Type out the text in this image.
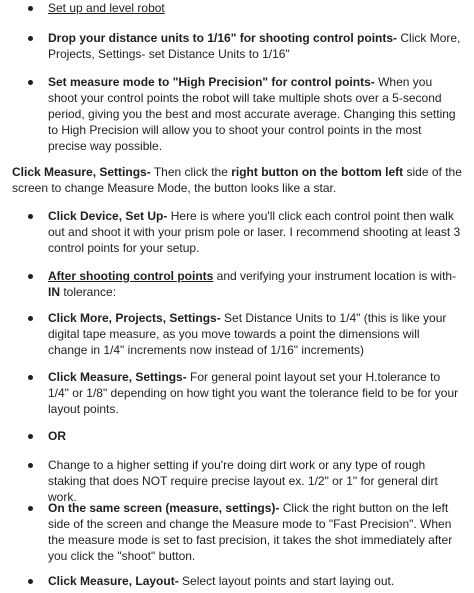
Set up and level robot
Drop your distance units to 1/16" for shooting control points- Click More, Projects, Settings- set Distance Units to 1/16"
Set measure mode to "High Precision" for control points- When you shoot your control points the robot will take multiple shots over a 5-second period, giving you the best and most accurate average. Changing this setting to High Precision will allow you to shoot your control points in the most precise way possible.

Click Measure, Settings- Then click the right button on the bottom left side of the screen to change Measure Mode, the button looks like a star.

Click Device, Set Up- Here is where you'll click each control point then walk out and shoot it with your prism pole or laser. I recommend shooting at least 3 control points for your setup.
After shooting control points and verifying your instrument location is with-IN tolerance:
Click More, Projects, Settings- Set Distance Units to 1/4" (this is like your digital tape measure, as you move towards a point the dimensions will change in 1/4" increments now instead of 1/16" increments)
Click Measure, Settings- For general point layout set your H.tolerance to 1/4" or 1/8" depending on how tight you want the tolerance field to be for your layout points.
OR
Change to a higher setting if you're doing dirt work or any type of rough staking that does NOT require precise layout ex. 1/2" or 1" for general dirt work.
On the same screen (measure, settings)- Click the right button on the left side of the screen and change the Measure mode to "Fast Precision". When the measure mode is set to fast precision, it takes the shot immediately after you click the "shoot" button.
Click Measure, Layout- Select layout points and start laying out.
